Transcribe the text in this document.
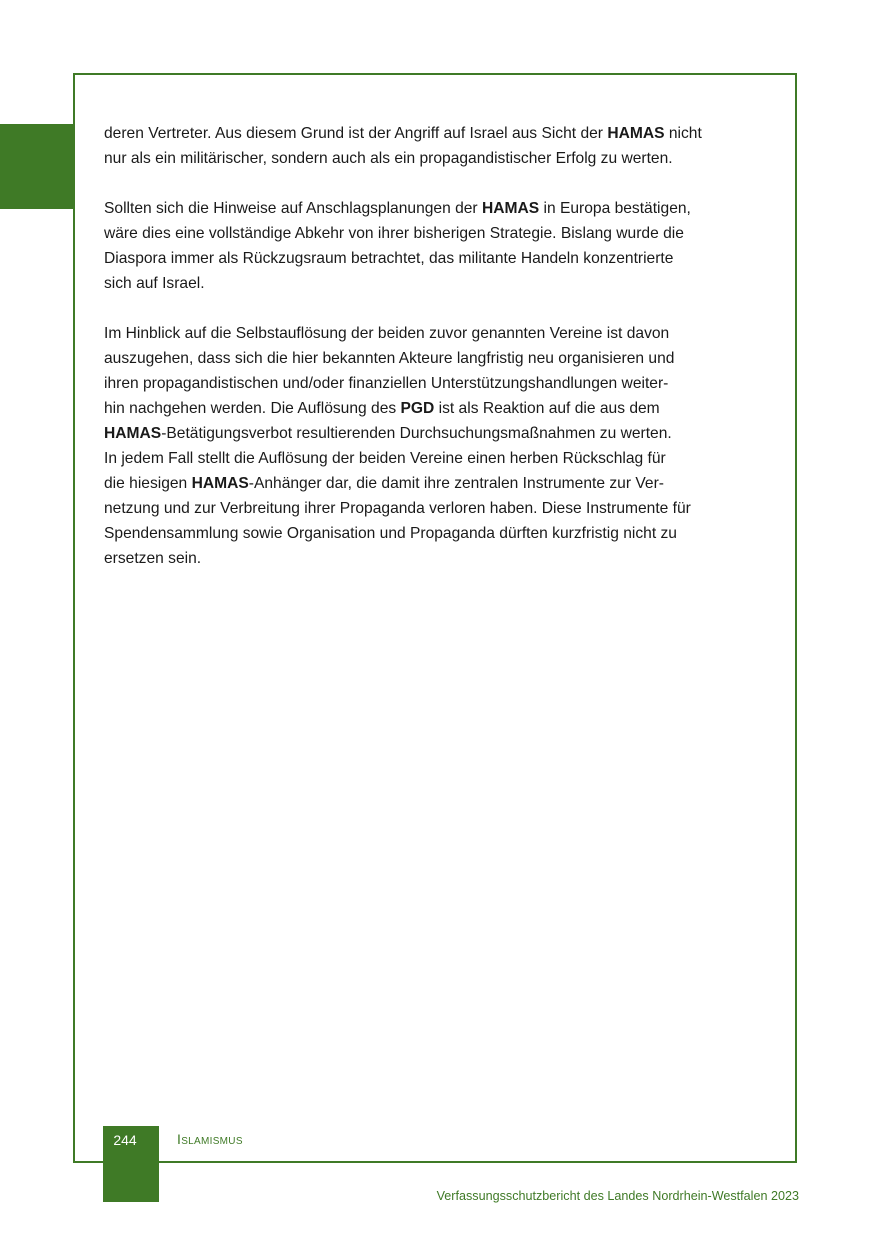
deren Vertreter. Aus diesem Grund ist der Angriff auf Israel aus Sicht der HAMAS nicht
nur als ein militärischer, sondern auch als ein propagandistischer Erfolg zu werten.

Sollten sich die Hinweise auf Anschlagsplanungen der HAMAS in Europa bestätigen,
wäre dies eine vollständige Abkehr von ihrer bisherigen Strategie. Bislang wurde die
Diaspora immer als Rückzugsraum betrachtet, das militante Handeln konzentrierte
sich auf Israel.

Im Hinblick auf die Selbstauflösung der beiden zuvor genannten Vereine ist davon
auszugehen, dass sich die hier bekannten Akteure langfristig neu organisieren und
ihren propagandistischen und/oder finanziellen Unterstützungshandlungen weiter-
hin nachgehen werden. Die Auflösung des PGD ist als Reaktion auf die aus dem
HAMAS-Betätigungsverbot resultierenden Durchsuchungsmaßnahmen zu werten.
In jedem Fall stellt die Auflösung der beiden Vereine einen herben Rückschlag für
die hiesigen HAMAS-Anhänger dar, die damit ihre zentralen Instrumente zur Ver-
netzung und zur Verbreitung ihrer Propaganda verloren haben. Diese Instrumente für
Spendensammlung sowie Organisation und Propaganda dürften kurzfristig nicht zu
ersetzen sein.

244	Islamismus
Verfassungsschutzbericht des Landes Nordrhein-Westfalen 2023
